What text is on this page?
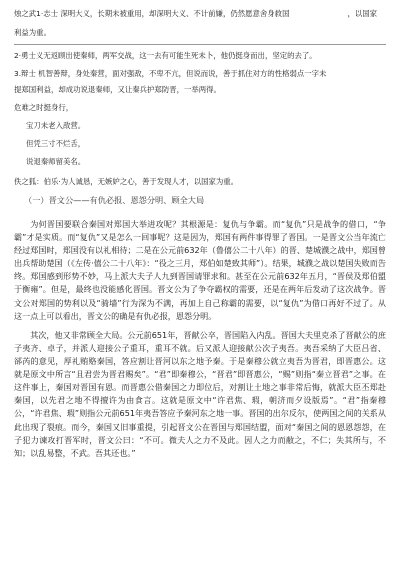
烛之武1·志士 深明大义，长期未被重用，却深明大义、不计前嫌，仍然愿意舍身救国	，以国家
利益为重。
2·勇士义无返顾出使秦师，两军交战，这一去有可能生死未卜，他仍挺身而出，坚定的去了。
3.辩士 机智善辩，身处秦营，面对强敌，不卑不亢，但说而说，善于抓住对方的性格弱点一字未
提郑国利益，却成功说退秦师，又让秦兵护郑防晋，一举两得。
危难之时挺身行，
宝刀未老入敌营。
但凭三寸不烂舌，
说退秦师留美名。
佚之狐：伯乐·为人诚恳，无嫉妒之心，善于发现人才，以国家为重。
（一）晋文公——有仇必报、恩怨分明、顾全大局

为何晋国要联合秦国对郑国大举进攻呢？其根源是：复仇与争霸。而“复仇”只是战争的借口，“争霸”才是实质。而“复仇”又是怎么一回事呢？这是因为，郑国有两件事得罪了晋国。一是晋文公当年流亡经过郑国时，郑国没有以礼相待；二是在公元前632年（鲁僖公二十八年）的晋、楚城濮之战中，郑国曾出兵帮助楚国（《左传·僖公二十八年》：“役之三月，郑伯如楚致其师”）。结果，城濮之战以楚国失败而告终。郑国感到形势不妙，马上派大夫子人九到晋国请罪求和。甚至在公元前632年五月，“晋侯及郑伯盟于衡雍”。但是，最终也没能感化晋国。晋文公为了争夺霸权的需要，还是在两年后发动了这次战争。晋文公对郑国的势利以及“骑墙”行为深为不满，再加上自己称霸的需要，以“复仇”为借口再好不过了。从这一点上可以看出，晋文公的确是有仇必报，恩怨分明。

其次，他又非常顾全大局。公元前651年，晋献公卒，晋国陷入内乱。晋国大夫里克杀了晋献公的庶子夷齐、卓子，并派人迎接公子重耳，重耳不就。后又派人迎接献公次子夷吾。夷吾采纳了大臣吕省、郤芮的意见，厚礼贿赂秦国，答应割让晋河以东之地予秦。于是秦穆公就立夷吾为晋君，即晋惠公。这就是原文中所言“且君尝为晋君赐矣”。“君”即秦穆公，“晋君”即晋惠公，“赐”则指“秦立晋君”之事。在这件事上，秦国对晋国有恩。而晋惠公借秦国之力即位后，对割让土地之事非常后悔，就派大臣丕郑赴秦国，以先君之地不得擅许为由食言。这就是原文中“许君焦、瑕，朝济而夕设版焉”。“君”指秦穆公，“许君焦、瑕”则指公元前651年夷吾答应予秦河东之地一事。晋国的出尔反尔，使两国之间的关系从此出现了裂痕。而今，秦国又旧事重提，引起晋文公在晋国与郑国结盟，面对“秦国之间的恩恩怨怨，在子犯力谏攻打晋军时，晋文公曰：“不可。微夫人之力不及此。因人之力而敝之，不仁；失其所与，不知；以乱易整，不武。吾其还也。”
